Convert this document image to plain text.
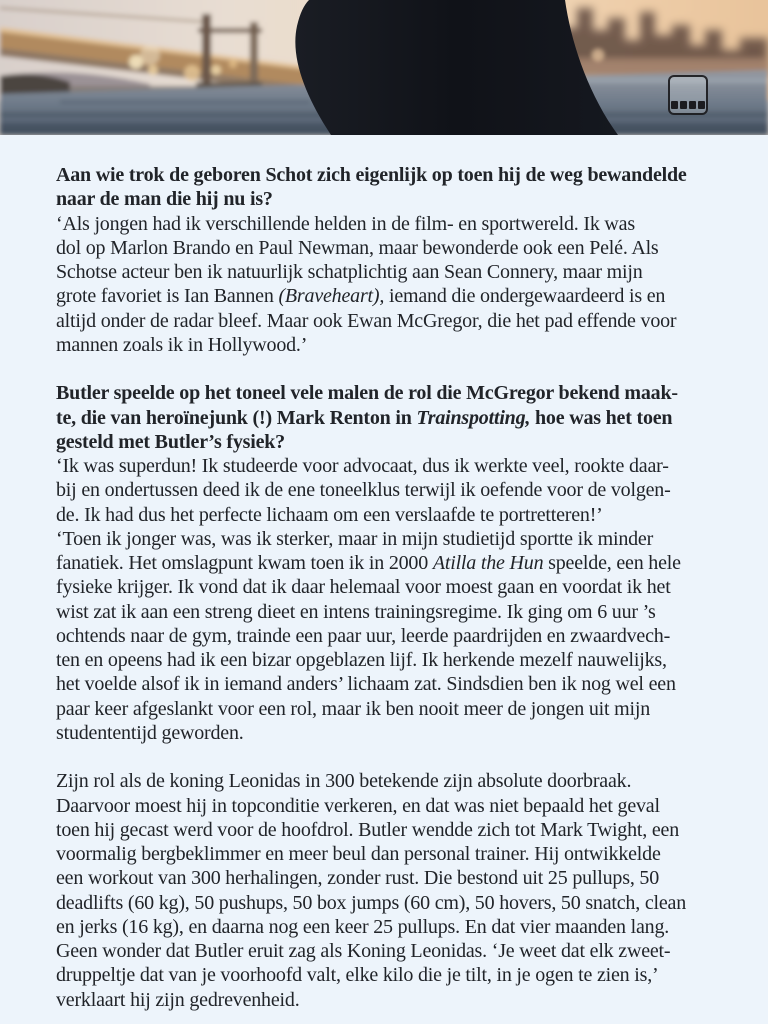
Aan wie trok de geboren Schot zich eigenlijk op toen hij de weg bewandelde
naar de man die hij nu is?
‘Als jongen had ik verschillende helden in de film- en sportwereld. Ik was
dol op Marlon Brando en Paul Newman, maar bewonderde ook een Pelé. Als
Schotse acteur ben ik natuurlijk schatplichtig aan Sean Connery, maar mijn
grote favoriet is Ian Bannen (Braveheart), iemand die ondergewaardeerd is en
altijd onder de radar bleef. Maar ook Ewan McGregor, die het pad effende voor
mannen zoals ik in Hollywood.’
Butler speelde op het toneel vele malen de rol die McGregor bekend maak-
te, die van heroïnejunk (!) Mark Renton in Trainspotting, hoe was het toen
gesteld met Butler’s fysiek?
‘Ik was superdun! Ik studeerde voor advocaat, dus ik werkte veel, rookte daar-
bij en ondertussen deed ik de ene toneelklus terwijl ik oefende voor de volgen-
de. Ik had dus het perfecte lichaam om een verslaafde te portretteren!’
‘Toen ik jonger was, was ik sterker, maar in mijn studietijd sportte ik minder
fanatiek. Het omslagpunt kwam toen ik in 2000 Atilla the Hun speelde, een hele
fysieke krijger. Ik vond dat ik daar helemaal voor moest gaan en voordat ik het
wist zat ik aan een streng dieet en intens trainingsregime. Ik ging om 6 uur ’s
ochtends naar de gym, trainde een paar uur, leerde paardrijden en zwaardvech-
ten en opeens had ik een bizar opgeblazen lijf. Ik herkende mezelf nauwelijks,
het voelde alsof ik in iemand anders’ lichaam zat. Sindsdien ben ik nog wel een
paar keer afgeslankt voor een rol, maar ik ben nooit meer de jongen uit mijn
studententijd geworden.
Zijn rol als de koning Leonidas in 300 betekende zijn absolute doorbraak.
Daarvoor moest hij in topconditie verkeren, en dat was niet bepaald het geval
toen hij gecast werd voor de hoofdrol. Butler wendde zich tot Mark Twight, een
voormalig bergbeklimmer en meer beul dan personal trainer. Hij ontwikkelde
een workout van 300 herhalingen, zonder rust. Die bestond uit 25 pullups, 50
deadlifts (60 kg), 50 pushups, 50 box jumps (60 cm), 50 hovers, 50 snatch, clean
en jerks (16 kg), en daarna nog een keer 25 pullups. En dat vier maanden lang.
Geen wonder dat Butler eruit zag als Koning Leonidas. ‘Je weet dat elk zweet-
druppeltje dat van je voorhoofd valt, elke kilo die je tilt, in je ogen te zien is,’
verklaart hij zijn gedrevenheid.
